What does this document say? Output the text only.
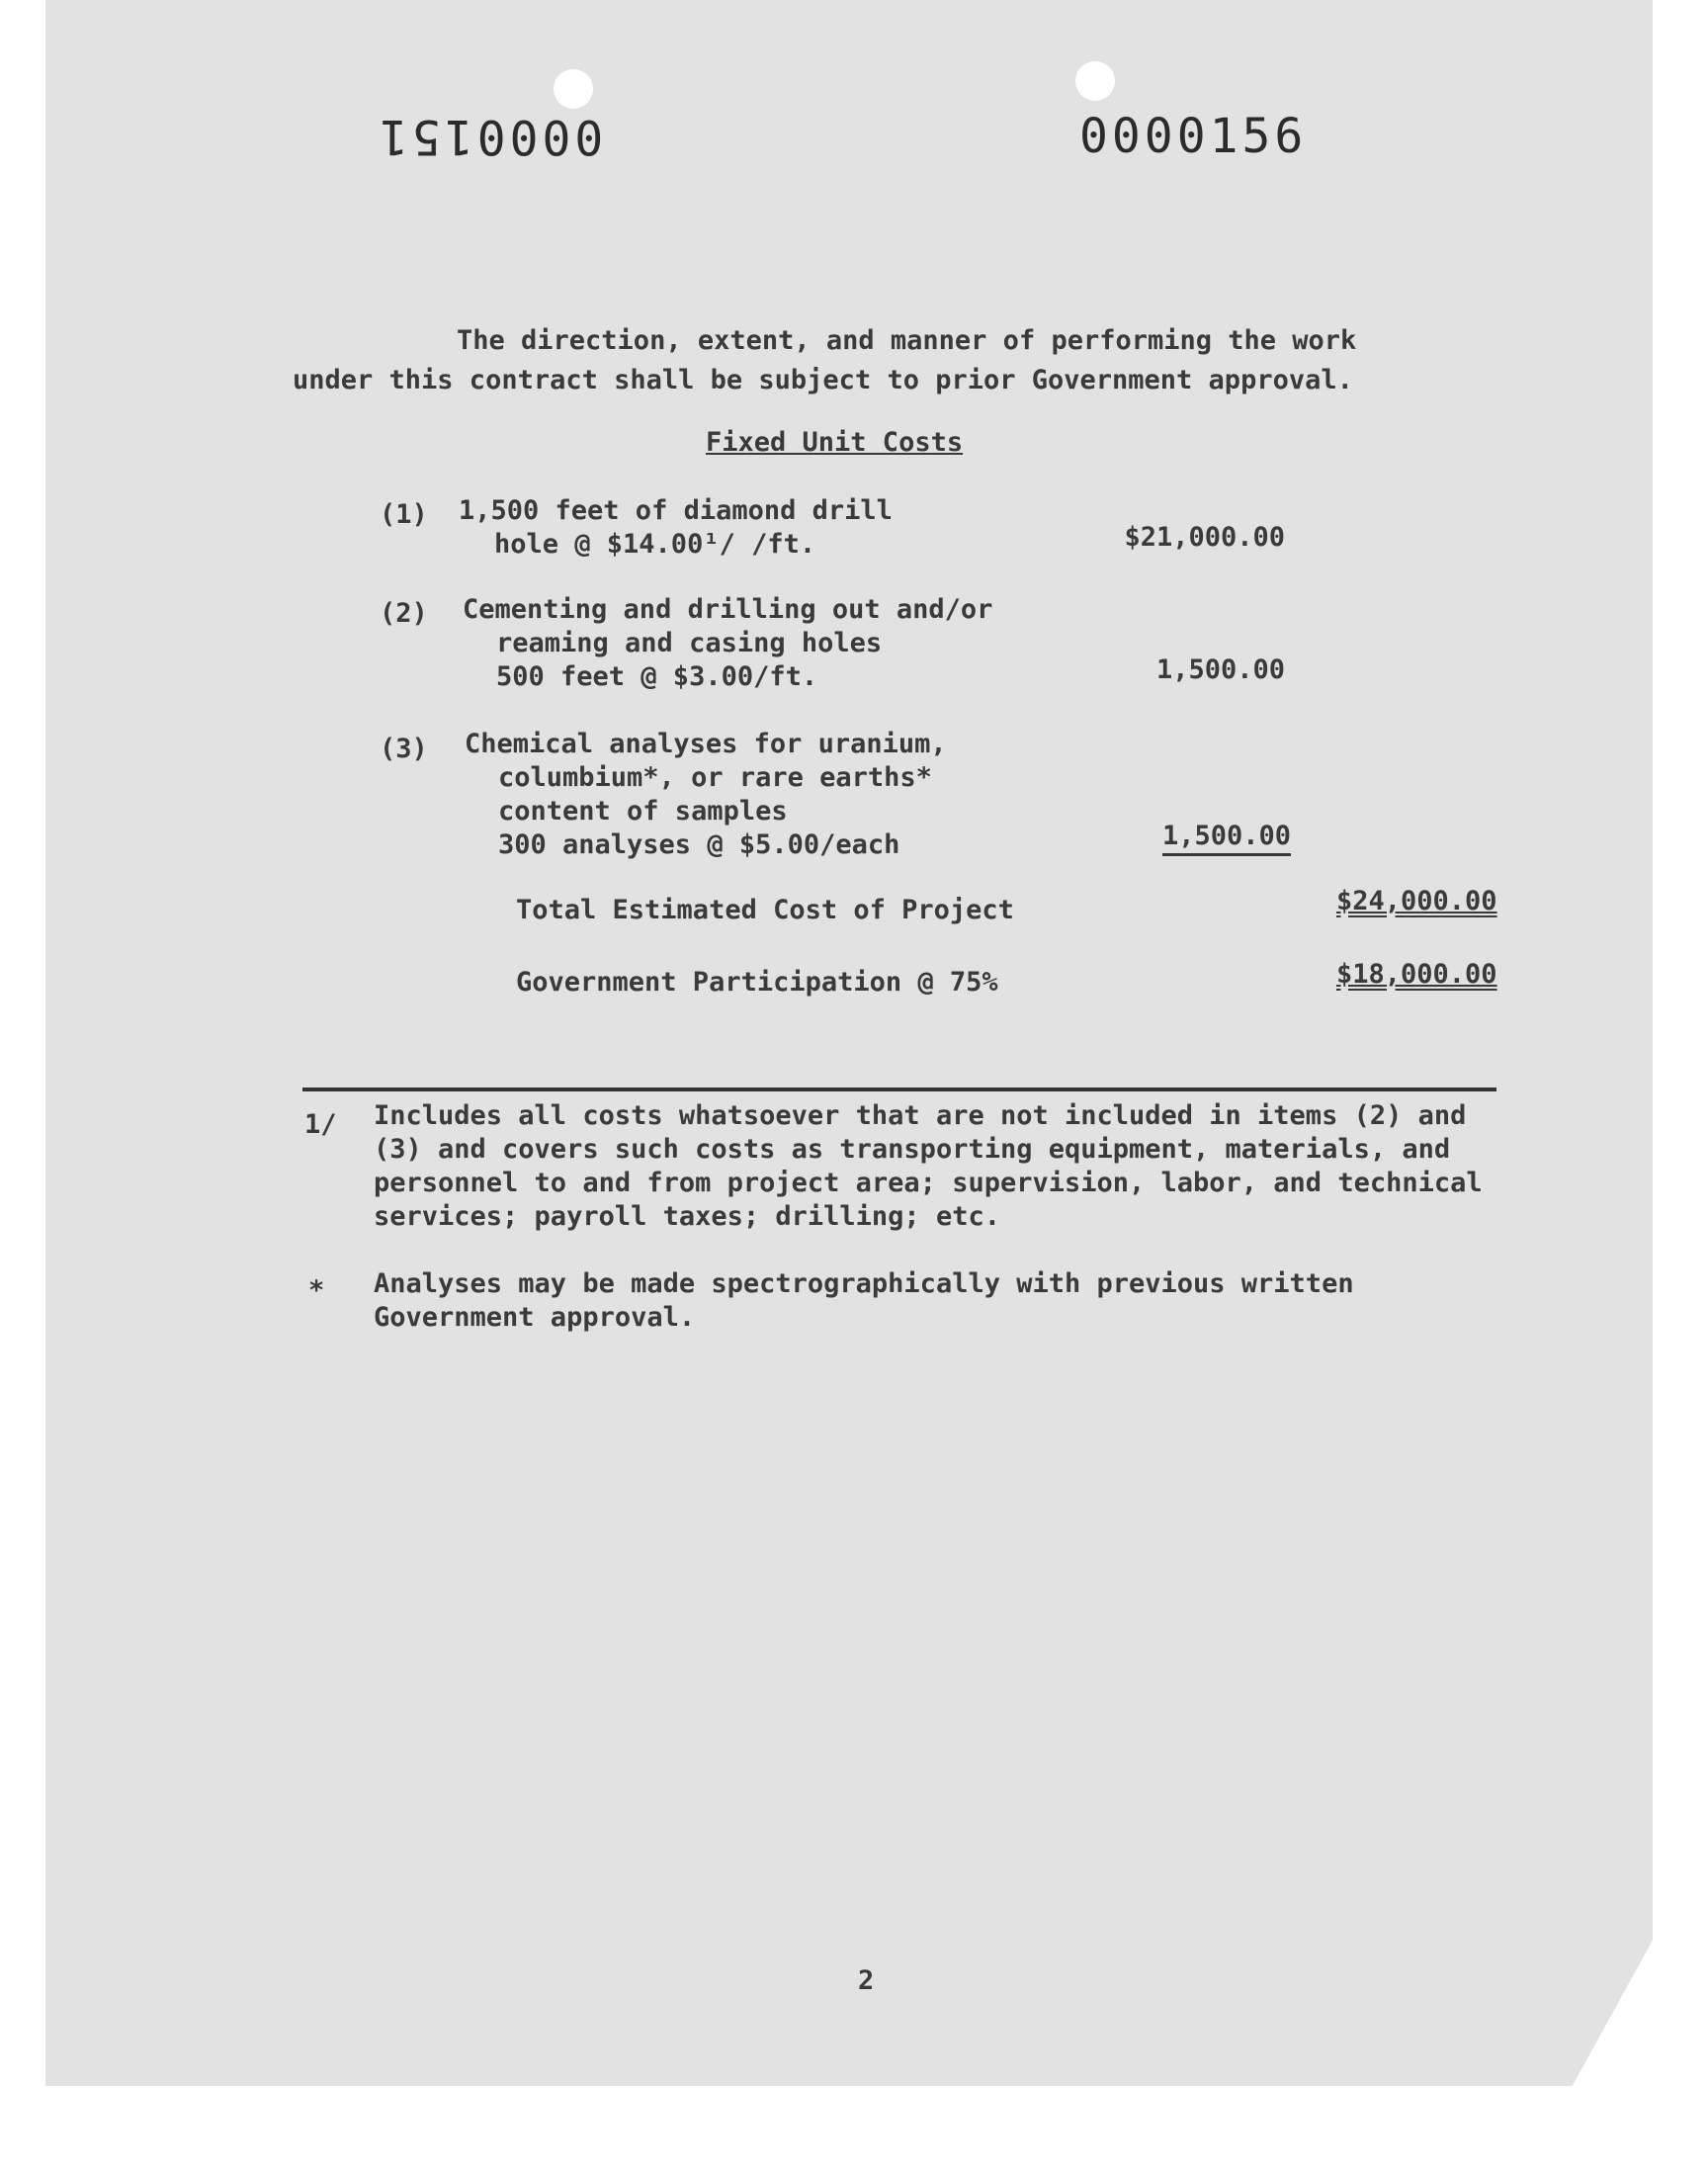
0000151	0000156
The direction, extent, and manner of performing the work
under this contract shall be subject to prior Government approval.
Fixed Unit Costs
(1) 1,500 feet of diamond drill
hole @ $14.00¹/ /ft.	$21,000.00
(2) Cementing and drilling out and/or
reaming and casing holes
500 feet @ $3.00/ft.	1,500.00
(3) Chemical analyses for uranium,
columbium*, or rare earths*
content of samples
300 analyses @ $5.00/each	1,500.00
Total Estimated Cost of Project	$24,000.00
Government Participation @ 75%	$18,000.00
1/ Includes all costs whatsoever that are not included in items (2) and (3) and covers such costs as transporting equipment, materials, and personnel to and from project area; supervision, labor, and technical services; payroll taxes; drilling; etc.
* Analyses may be made spectrographically with previous written Government approval.
2
